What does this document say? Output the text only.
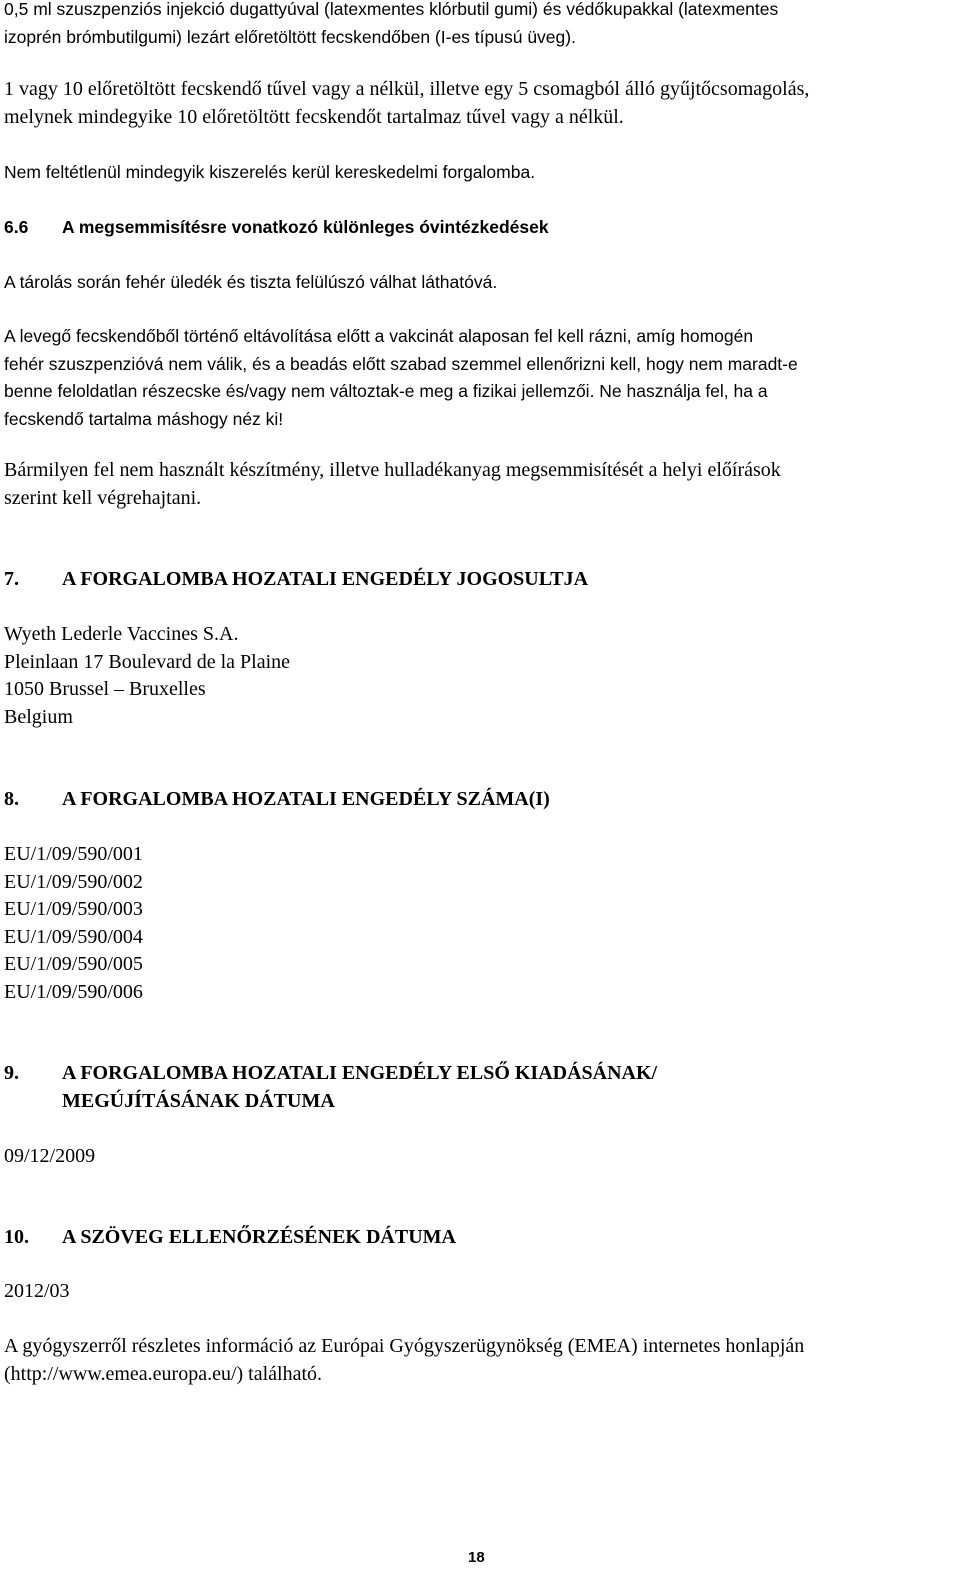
0,5 ml szuszpenziós injekció dugattyúval (latexmentes klórbutil gumi) és védőkupakkal (latexmentes
izoprén brómbutilgumi) lezárt előretöltött fecskendőben (I-es típusú üveg).

1 vagy 10 előretöltött fecskendő tűvel vagy a nélkül, illetve egy 5 csomagból álló gyűjtőcsomagolás,
melynek mindegyike 10 előretöltött fecskendőt tartalmaz tűvel vagy a nélkül.

Nem feltétlenül mindegyik kiszerelés kerül kereskedelmi forgalomba.

6.6 A megsemmisítésre vonatkozó különleges óvintézkedések

A tárolás során fehér üledék és tiszta felülúszó válhat láthatóvá.

A levegő fecskendőből történő eltávolítása előtt a vakcinát alaposan fel kell rázni, amíg homogén
fehér szuszpenzióvá nem válik, és a beadás előtt szabad szemmel ellenőrizni kell, hogy nem maradt-e
benne feloldatlan részecske és/vagy nem változtak-e meg a fizikai jellemzői. Ne használja fel, ha a
fecskendő tartalma máshogy néz ki!

Bármilyen fel nem használt készítmény, illetve hulladékanyag megsemmisítését a helyi előírások
szerint kell végrehajtani.

7. A FORGALOMBA HOZATALI ENGEDÉLY JOGOSULTJA

Wyeth Lederle Vaccines S.A.
Pleinlaan 17 Boulevard de la Plaine
1050 Brussel – Bruxelles
Belgium

8. A FORGALOMBA HOZATALI ENGEDÉLY SZÁMA(I)

EU/1/09/590/001
EU/1/09/590/002
EU/1/09/590/003
EU/1/09/590/004
EU/1/09/590/005
EU/1/09/590/006

9. A FORGALOMBA HOZATALI ENGEDÉLY ELSŐ KIADÁSÁNAK/
MEGÚJÍTÁSÁNAK DÁTUMA

09/12/2009

10. A SZÖVEG ELLENŐRZÉSÉNEK DÁTUMA

2012/03

A gyógyszerről részletes információ az Európai Gyógyszerügynökség (EMEA) internetes honlapján
(http://www.emea.europa.eu/) található.

18
